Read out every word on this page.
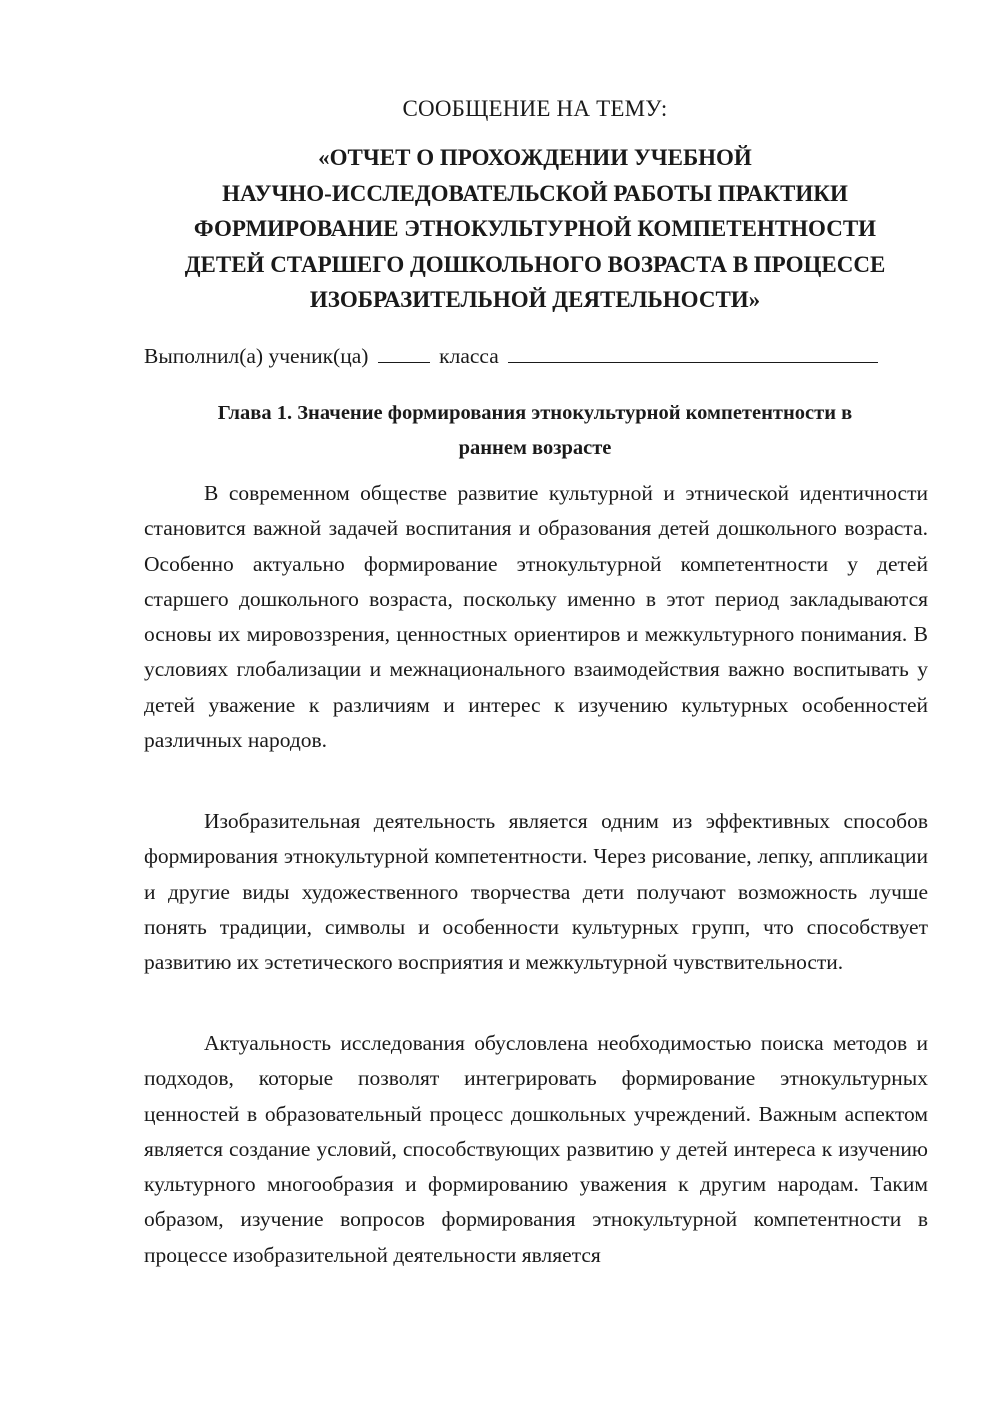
СООБЩЕНИЕ НА ТЕМУ:
«ОТЧЕТ О ПРОХОЖДЕНИИ УЧЕБНОЙ
НАУЧНО-ИССЛЕДОВАТЕЛЬСКОЙ РАБОТЫ ПРАКТИКИ
ФОРМИРОВАНИЕ ЭТНОКУЛЬТУРНОЙ КОМПЕТЕНТНОСТИ
ДЕТЕЙ СТАРШЕГО ДОШКОЛЬНОГО ВОЗРАСТА В ПРОЦЕССЕ
ИЗОБРАЗИТЕЛЬНОЙ ДЕЯТЕЛЬНОСТИ»
Выполнил(а) ученик(ца)	класса
Глава 1. Значение формирования этнокультурной компетентности в
раннем возрасте

В современном обществе развитие культурной и этнической идентичности становится важной задачей воспитания и образования детей дошкольного возраста. Особенно актуально формирование этнокультурной компетентности у детей старшего дошкольного возраста, поскольку именно в этот период закладываются основы их мировоззрения, ценностных ориентиров и межкультурного понимания. В условиях глобализации и межнационального взаимодействия важно воспитывать у детей уважение к различиям и интерес к изучению культурных особенностей различных народов.

Изобразительная деятельность является одним из эффективных способов формирования этнокультурной компетентности. Через рисование, лепку, аппликации и другие виды художественного творчества дети получают возможность лучше понять традиции, символы и особенности культурных групп, что способствует развитию их эстетического восприятия и межкультурной чувствительности.

Актуальность исследования обусловлена необходимостью поиска методов и подходов, которые позволят интегрировать формирование этнокультурных ценностей в образовательный процесс дошкольных учреждений. Важным аспектом является создание условий, способствующих развитию у детей интереса к изучению культурного многообразия и формированию уважения к другим народам. Таким образом, изучение вопросов формирования этнокультурной компетентности в процессе изобразительной деятельности является
